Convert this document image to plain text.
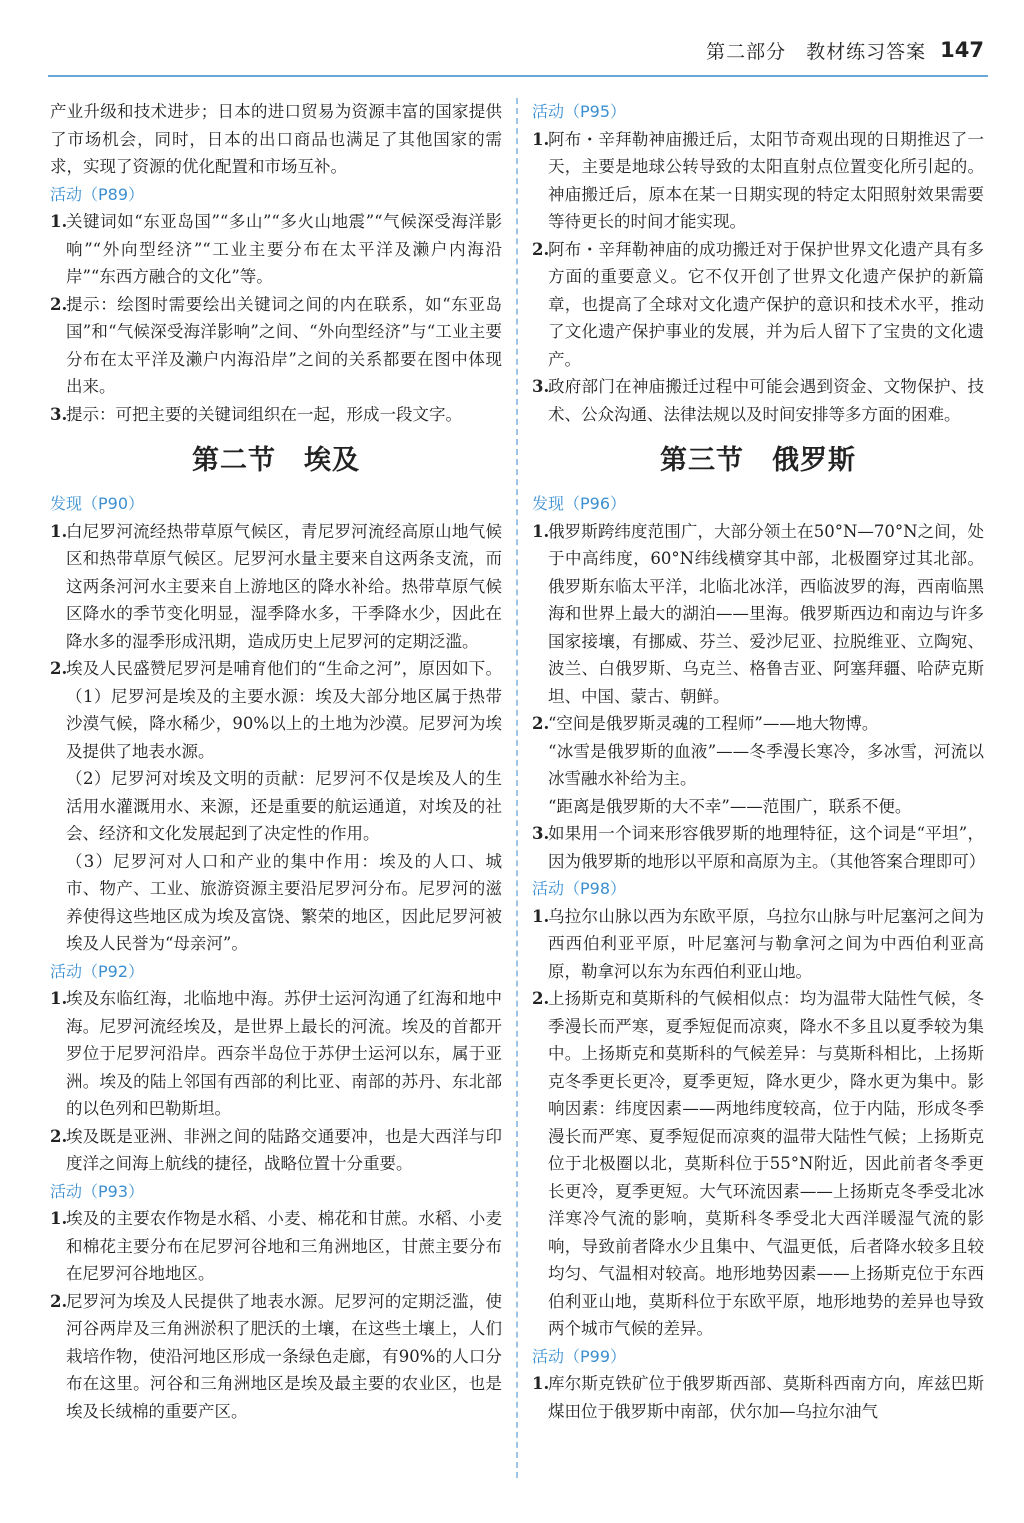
第二部分　教材练习答案 147

产业升级和技术进步；日本的进口贸易为资源丰富的国家提供了市场机会，同时，日本的出口商品也满足了其他国家的需求，实现了资源的优化配置和市场互补。

活动（P89）

1.
关键词如“东亚岛国”“多山”“多火山地震”“气候深受海洋影响”“外向型经济”“工业主要分布在太平洋及濑户内海沿岸”“东西方融合的文化”等。

2.
提示：绘图时需要绘出关键词之间的内在联系，如“东亚岛国”和“气候深受海洋影响”之间、“外向型经济”与“工业主要分布在太平洋及濑户内海沿岸”之间的关系都要在图中体现出来。

3.
提示：可把主要的关键词组织在一起，形成一段文字。

第二节　埃及

发现（P90）

1.
白尼罗河流经热带草原气候区，青尼罗河流经高原山地气候区和热带草原气候区。尼罗河水量主要来自这两条支流，而这两条河河水主要来自上游地区的降水补给。热带草原气候区降水的季节变化明显，湿季降水多，干季降水少，因此在降水多的湿季形成汛期，造成历史上尼罗河的定期泛滥。

2.
埃及人民盛赞尼罗河是哺育他们的“生命之河”，原因如下。（1）尼罗河是埃及的主要水源：埃及大部分地区属于热带沙漠气候，降水稀少，90%以上的土地为沙漠。尼罗河为埃及提供了地表水源。

（2）尼罗河对埃及文明的贡献：尼罗河不仅是埃及人的生活用水灌溉用水、来源，还是重要的航运通道，对埃及的社会、经济和文化发展起到了决定性的作用。

（3）尼罗河对人口和产业的集中作用：埃及的人口、城市、物产、工业、旅游资源主要沿尼罗河分布。尼罗河的滋养使得这些地区成为埃及富饶、繁荣的地区，因此尼罗河被埃及人民誉为“母亲河”。

活动（P92）

1.
埃及东临红海，北临地中海。苏伊士运河沟通了红海和地中海。尼罗河流经埃及，是世界上最长的河流。埃及的首都开罗位于尼罗河沿岸。西奈半岛位于苏伊士运河以东，属于亚洲。埃及的陆上邻国有西部的利比亚、南部的苏丹、东北部的以色列和巴勒斯坦。

2.
埃及既是亚洲、非洲之间的陆路交通要冲，也是大西洋与印度洋之间海上航线的捷径，战略位置十分重要。

活动（P93）

1.
埃及的主要农作物是水稻、小麦、棉花和甘蔗。水稻、小麦和棉花主要分布在尼罗河谷地和三角洲地区，甘蔗主要分布在尼罗河谷地地区。

2.
尼罗河为埃及人民提供了地表水源。尼罗河的定期泛滥，使河谷两岸及三角洲淤积了肥沃的土壤，在这些土壤上，人们栽培作物，使沿河地区形成一条绿色走廊，有90%的人口分布在这里。河谷和三角洲地区是埃及最主要的农业区，也是埃及长绒棉的重要产区。

活动（P95）

1.
阿布・辛拜勒神庙搬迁后，太阳节奇观出现的日期推迟了一天，主要是地球公转导致的太阳直射点位置变化所引起的。神庙搬迁后，原本在某一日期实现的特定太阳照射效果需要等待更长的时间才能实现。

2.
阿布・辛拜勒神庙的成功搬迁对于保护世界文化遗产具有多方面的重要意义。它不仅开创了世界文化遗产保护的新篇章，也提高了全球对文化遗产保护的意识和技术水平，推动了文化遗产保护事业的发展，并为后人留下了宝贵的文化遗产。

3.
政府部门在神庙搬迁过程中可能会遇到资金、文物保护、技术、公众沟通、法律法规以及时间安排等多方面的困难。

第三节　俄罗斯

发现（P96）

1.
俄罗斯跨纬度范围广，大部分领土在50°N—70°N之间，处于中高纬度，60°N纬线横穿其中部，北极圈穿过其北部。俄罗斯东临太平洋，北临北冰洋，西临波罗的海，西南临黑海和世界上最大的湖泊——里海。俄罗斯西边和南边与许多国家接壤，有挪威、芬兰、爱沙尼亚、拉脱维亚、立陶宛、波兰、白俄罗斯、乌克兰、格鲁吉亚、阿塞拜疆、哈萨克斯坦、中国、蒙古、朝鲜。

2.
“空间是俄罗斯灵魂的工程师”——地大物博。

“冰雪是俄罗斯的血液”——冬季漫长寒冷，多冰雪，河流以冰雪融水补给为主。

“距离是俄罗斯的大不幸”——范围广，联系不便。

3.
如果用一个词来形容俄罗斯的地理特征，这个词是“平坦”，因为俄罗斯的地形以平原和高原为主。（其他答案合理即可）

活动（P98）

1.
乌拉尔山脉以西为东欧平原，乌拉尔山脉与叶尼塞河之间为西西伯利亚平原，叶尼塞河与勒拿河之间为中西伯利亚高原，勒拿河以东为东西伯利亚山地。

2.
上扬斯克和莫斯科的气候相似点：均为温带大陆性气候，冬季漫长而严寒，夏季短促而凉爽，降水不多且以夏季较为集中。上扬斯克和莫斯科的气候差异：与莫斯科相比，上扬斯克冬季更长更冷，夏季更短，降水更少，降水更为集中。影响因素：纬度因素——两地纬度较高，位于内陆，形成冬季漫长而严寒、夏季短促而凉爽的温带大陆性气候；上扬斯克位于北极圈以北，莫斯科位于55°N附近，因此前者冬季更长更冷，夏季更短。大气环流因素——上扬斯克冬季受北冰洋寒冷气流的影响，莫斯科冬季受北大西洋暖湿气流的影响，导致前者降水少且集中、气温更低，后者降水较多且较均匀、气温相对较高。地形地势因素——上扬斯克位于东西伯利亚山地，莫斯科位于东欧平原，地形地势的差异也导致两个城市气候的差异。

活动（P99）

1.
库尔斯克铁矿位于俄罗斯西部、莫斯科西南方向，库兹巴斯煤田位于俄罗斯中南部，伏尔加—乌拉尔油气
